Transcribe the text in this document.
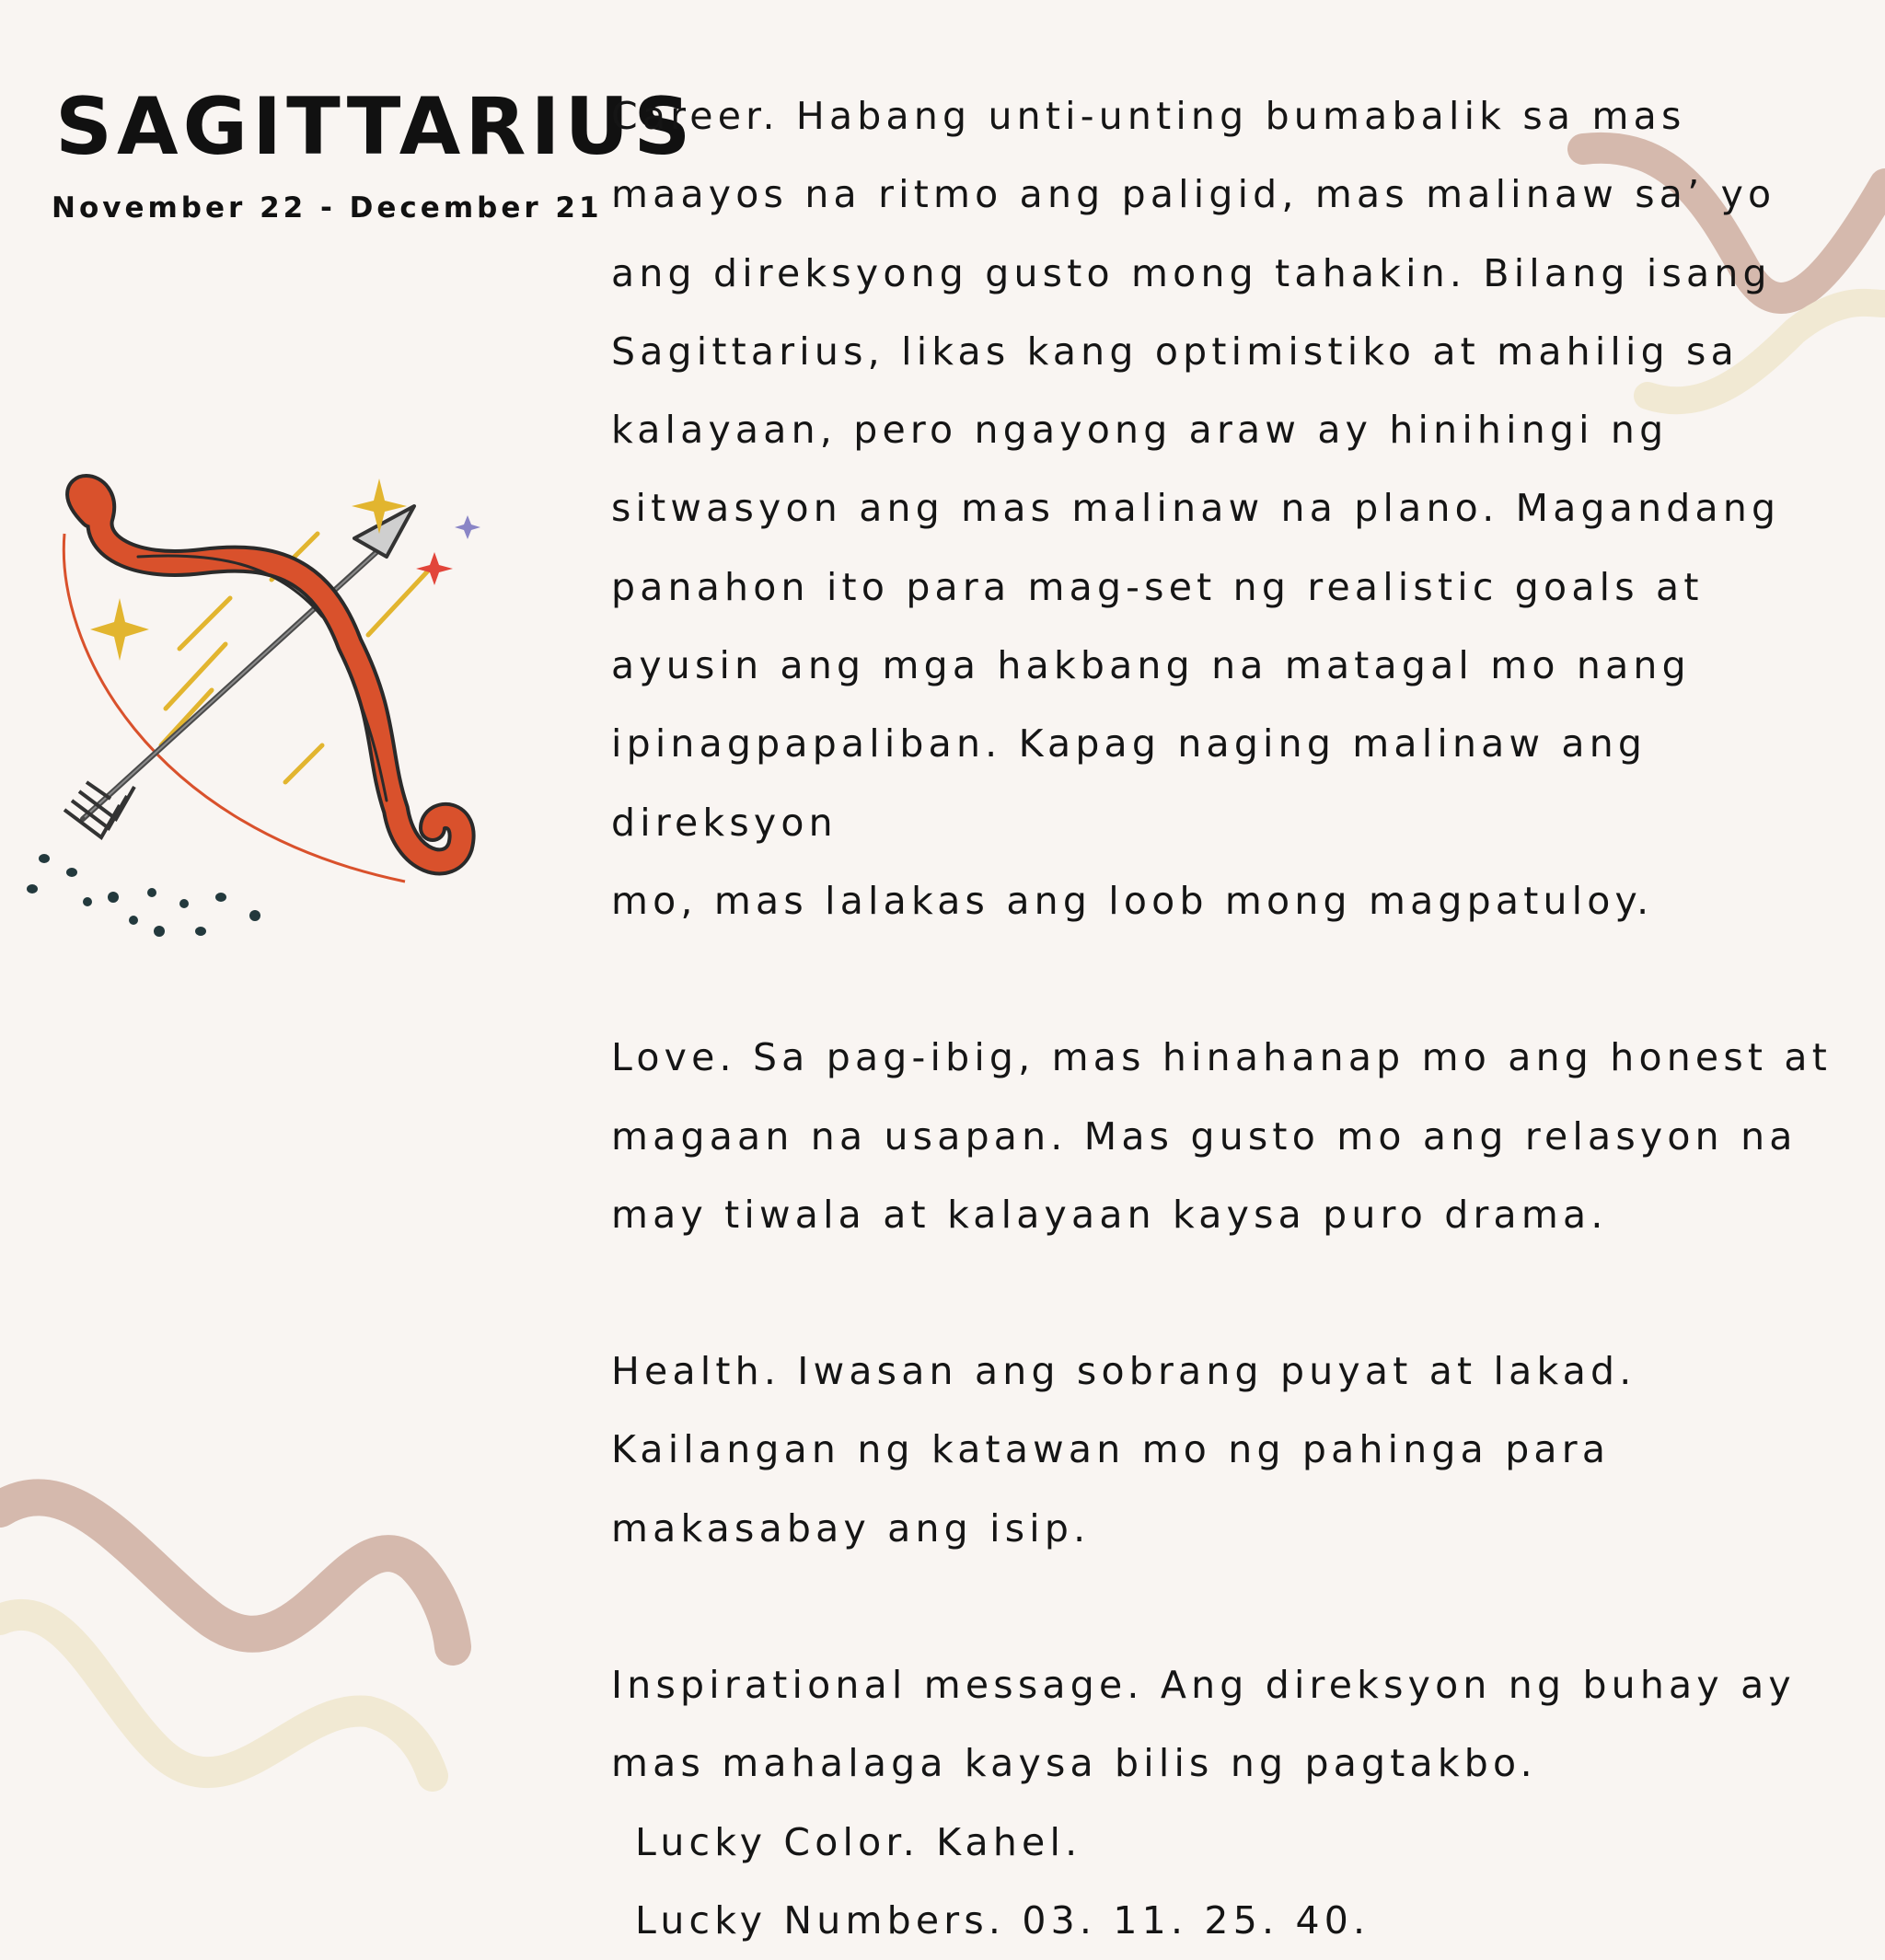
SAGITTARIUS
November 22 - December 21

Career. Habang unti-unting bumabalik sa mas

maayos na ritmo ang paligid, mas malinaw sa’ yo

ang direksyong gusto mong tahakin. Bilang isang

Sagittarius, likas kang optimistiko at mahilig sa

kalayaan, pero ngayong araw ay hinihingi ng

sitwasyon ang mas malinaw na plano. Magandang

panahon ito para mag-set ng realistic goals at

ayusin ang mga hakbang na matagal mo nang

ipinagpapaliban. Kapag naging malinaw ang direksyon

mo, mas lalakas ang loob mong magpatuloy.

Love. Sa pag-ibig, mas hinahanap mo ang honest at

magaan na usapan. Mas gusto mo ang relasyon na

may tiwala at kalayaan kaysa puro drama.

Health. Iwasan ang sobrang puyat at lakad.

Kailangan ng katawan mo ng pahinga para

makasabay ang isip.

Inspirational message. Ang direksyon ng buhay ay

mas mahalaga kaysa bilis ng pagtakbo.

Lucky Color. Kahel.

Lucky Numbers. 03. 11. 25. 40.
